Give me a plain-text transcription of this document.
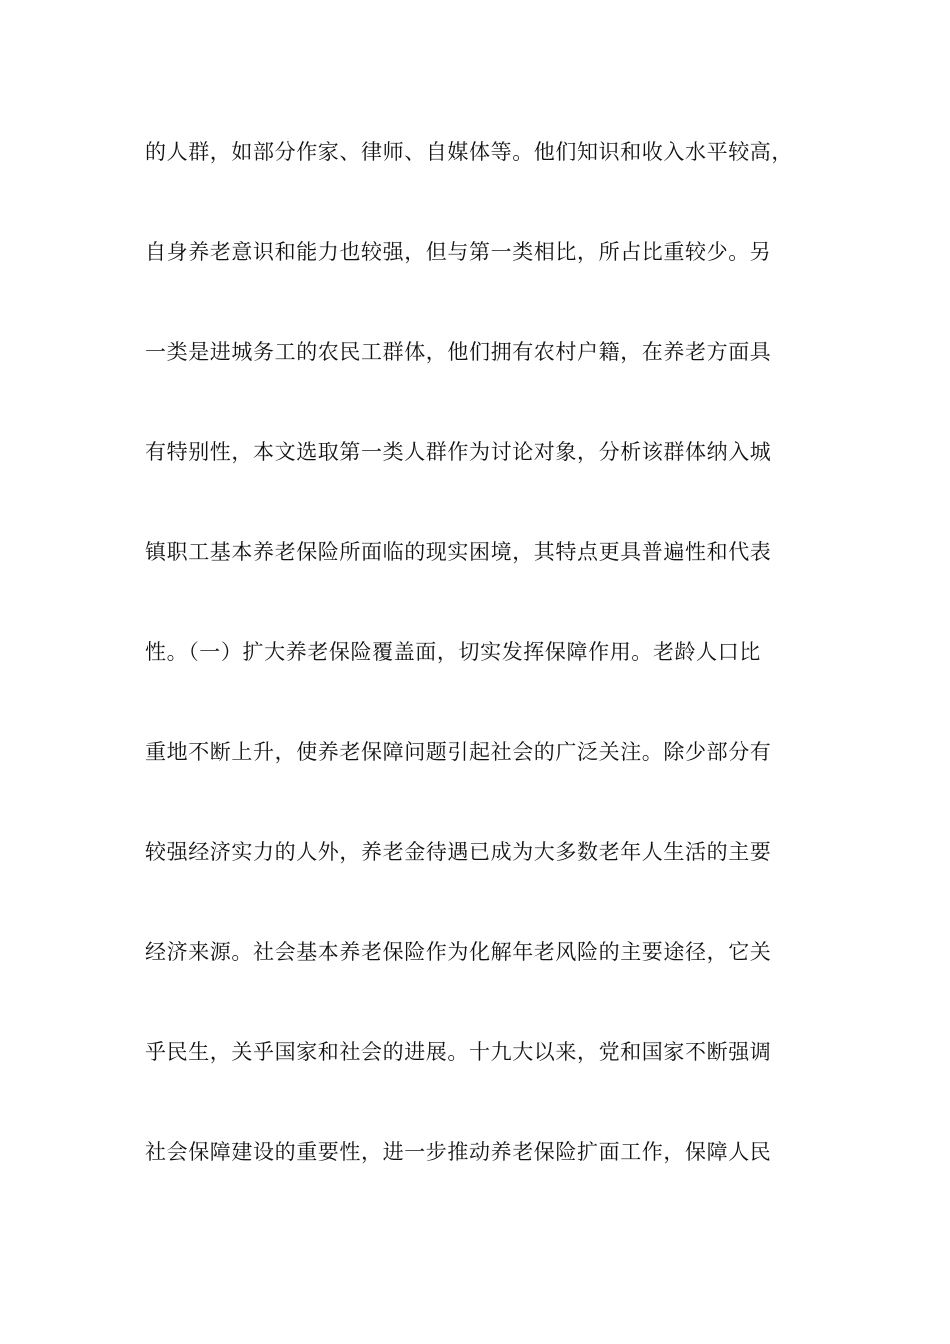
的人群，如部分作家、律师、自媒体等。他们知识和收入水平较高，
自身养老意识和能力也较强，但与第一类相比，所占比重较少。另
一类是进城务工的农民工群体，他们拥有农村户籍，在养老方面具
有特别性，本文选取第一类人群作为讨论对象，分析该群体纳入城
镇职工基本养老保险所面临的现实困境，其特点更具普遍性和代表
性。（一）扩大养老保险覆盖面，切实发挥保障作用。老龄人口比
重地不断上升，使养老保障问题引起社会的广泛关注。除少部分有
较强经济实力的人外，养老金待遇已成为大多数老年人生活的主要
经济来源。社会基本养老保险作为化解年老风险的主要途径，它关
乎民生，关乎国家和社会的进展。十九大以来，党和国家不断强调
社会保障建设的重要性，进一步推动养老保险扩面工作，保障人民
